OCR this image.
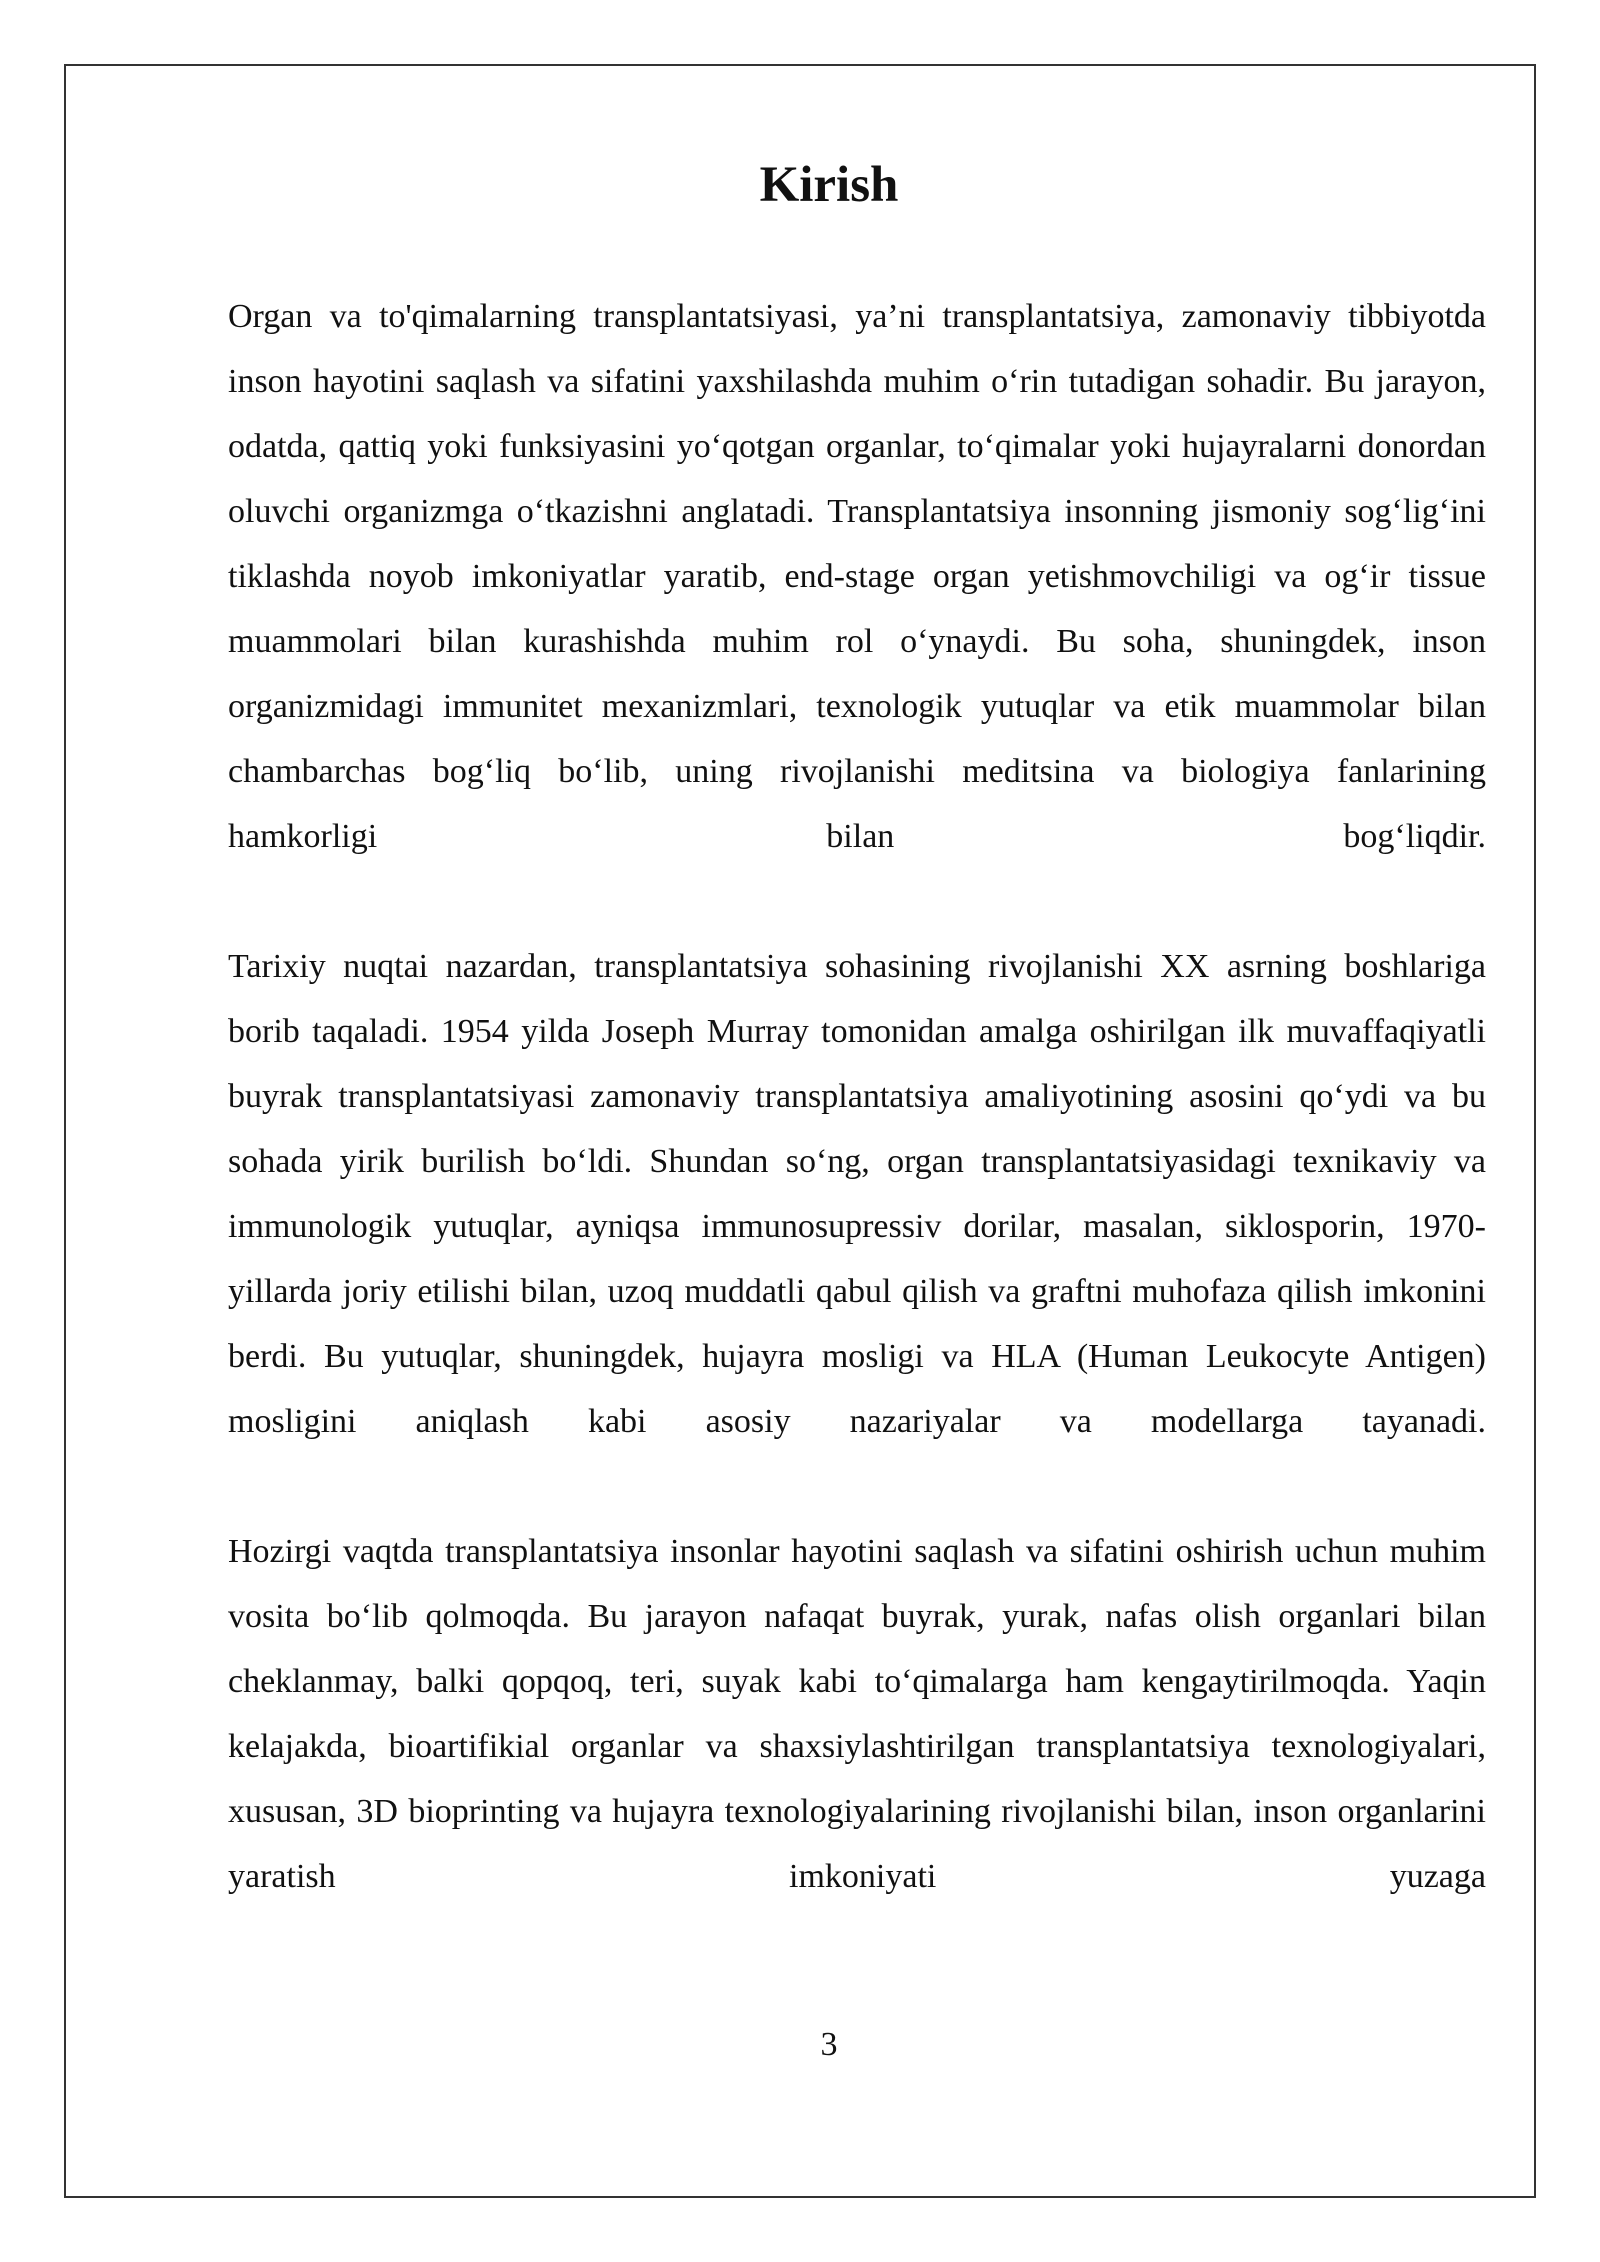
Kirish

Organ va to'qimalarning transplantatsiyasi, ya’ni transplantatsiya, zamonaviy tibbiyotda inson hayotini saqlash va sifatini yaxshilashda muhim o‘rin tutadigan sohadir. Bu jarayon, odatda, qattiq yoki funksiyasini yo‘qotgan organlar, to‘qimalar yoki hujayralarni donordan oluvchi organizmga o‘tkazishni anglatadi. Transplantatsiya insonning jismoniy sog‘lig‘ini tiklashda noyob imkoniyatlar yaratib, end-stage organ yetishmovchiligi va og‘ir tissue muammolari bilan kurashishda muhim rol o‘ynaydi. Bu soha, shuningdek, inson organizmidagi immunitet mexanizmlari, texnologik yutuqlar va etik muammolar bilan chambarchas bog‘liq bo‘lib, uning rivojlanishi meditsina va biologiya fanlarining hamkorligi bilan bog‘liqdir.

Tarixiy nuqtai nazardan, transplantatsiya sohasining rivojlanishi XX asrning boshlariga borib taqaladi. 1954 yilda Joseph Murray tomonidan amalga oshirilgan ilk muvaffaqiyatli buyrak transplantatsiyasi zamonaviy transplantatsiya amaliyotining asosini qo‘ydi va bu sohada yirik burilish bo‘ldi. Shundan so‘ng, organ transplantatsiyasidagi texnikaviy va immunologik yutuqlar, ayniqsa immunosupressiv dorilar, masalan, siklosporin, 1970-yillarda joriy etilishi bilan, uzoq muddatli qabul qilish va graftni muhofaza qilish imkonini berdi. Bu yutuqlar, shuningdek, hujayra mosligi va HLA (Human Leukocyte Antigen) mosligini aniqlash kabi asosiy nazariyalar va modellarga tayanadi.

Hozirgi vaqtda transplantatsiya insonlar hayotini saqlash va sifatini oshirish uchun muhim vosita bo‘lib qolmoqda. Bu jarayon nafaqat buyrak, yurak, nafas olish organlari bilan cheklanmay, balki qopqoq, teri, suyak kabi to‘qimalarga ham kengaytirilmoqda. Yaqin kelajakda, bioartifikial organlar va shaxsiylashtirilgan transplantatsiya texnologiyalari, xususan, 3D bioprinting va hujayra texnologiyalarining rivojlanishi bilan, inson organlarini yaratish imkoniyati yuzaga

3
